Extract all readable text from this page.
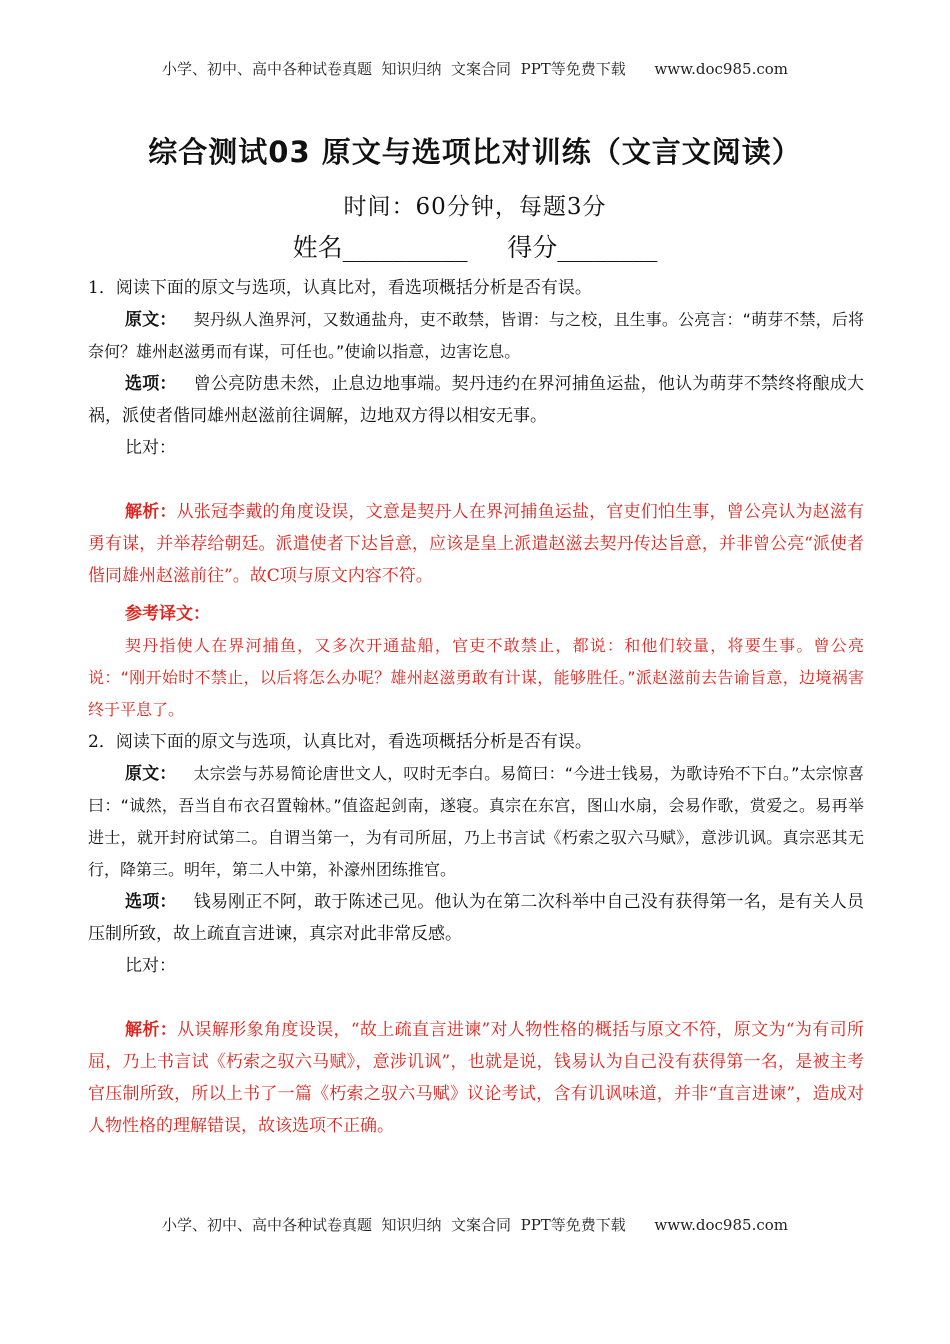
小学、初中、高中各种试卷真题  知识归纳  文案合同  PPT等免费下载      www.doc985.com
综合测试03 原文与选项比对训练（文言文阅读）
时间：60分钟，每题3分
姓名__________     得分________

1．阅读下面的原文与选项，认真比对，看选项概括分析是否有误。

原文：  契丹纵人渔界河，又数通盐舟，吏不敢禁，皆谓：与之校，且生事。公亮言：“萌芽不禁，后将奈何？雄州赵滋勇而有谋，可任也。”使谕以指意，边害讫息。

选项：  曾公亮防患未然，止息边地事端。契丹违约在界河捕鱼运盐，他认为萌芽不禁终将酿成大祸，派使者偕同雄州赵滋前往调解，边地双方得以相安无事。

比对：

解析：从张冠李戴的角度设误，文意是契丹人在界河捕鱼运盐，官吏们怕生事，曾公亮认为赵滋有勇有谋，并举荐给朝廷。派遣使者下达旨意，应该是皇上派遣赵滋去契丹传达旨意，并非曾公亮“派使者偕同雄州赵滋前往”。故C项与原文内容不符。

参考译文：

契丹指使人在界河捕鱼，又多次开通盐船，官吏不敢禁止，都说：和他们较量，将要生事。曾公亮说：“刚开始时不禁止，以后将怎么办呢？雄州赵滋勇敢有计谋，能够胜任。”派赵滋前去告谕旨意，边境祸害终于平息了。

2．阅读下面的原文与选项，认真比对，看选项概括分析是否有误。

原文：  太宗尝与苏易简论唐世文人，叹时无李白。易简曰：“今进士钱易，为歌诗殆不下白。”太宗惊喜曰：“诚然，吾当自布衣召置翰林。”值盗起剑南，遂寝。真宗在东宫，图山水扇，会易作歌，赏爱之。易再举进士，就开封府试第二。自谓当第一，为有司所屈，乃上书言试《朽索之驭六马赋》，意涉讥讽。真宗恶其无行，降第三。明年，第二人中第，补濠州团练推官。

选项：  钱易刚正不阿，敢于陈述己见。他认为在第二次科举中自己没有获得第一名，是有关人员压制所致，故上疏直言进谏，真宗对此非常反感。

比对：

解析：从误解形象角度设误，“故上疏直言进谏”对人物性格的概括与原文不符，原文为“为有司所屈，乃上书言试《朽索之驭六马赋》，意涉讥讽”，也就是说，钱易认为自己没有获得第一名，是被主考官压制所致，所以上书了一篇《朽索之驭六马赋》议论考试，含有讥讽味道，并非“直言进谏”，造成对人物性格的理解错误，故该选项不正确。

小学、初中、高中各种试卷真题  知识归纳  文案合同  PPT等免费下载      www.doc985.com
